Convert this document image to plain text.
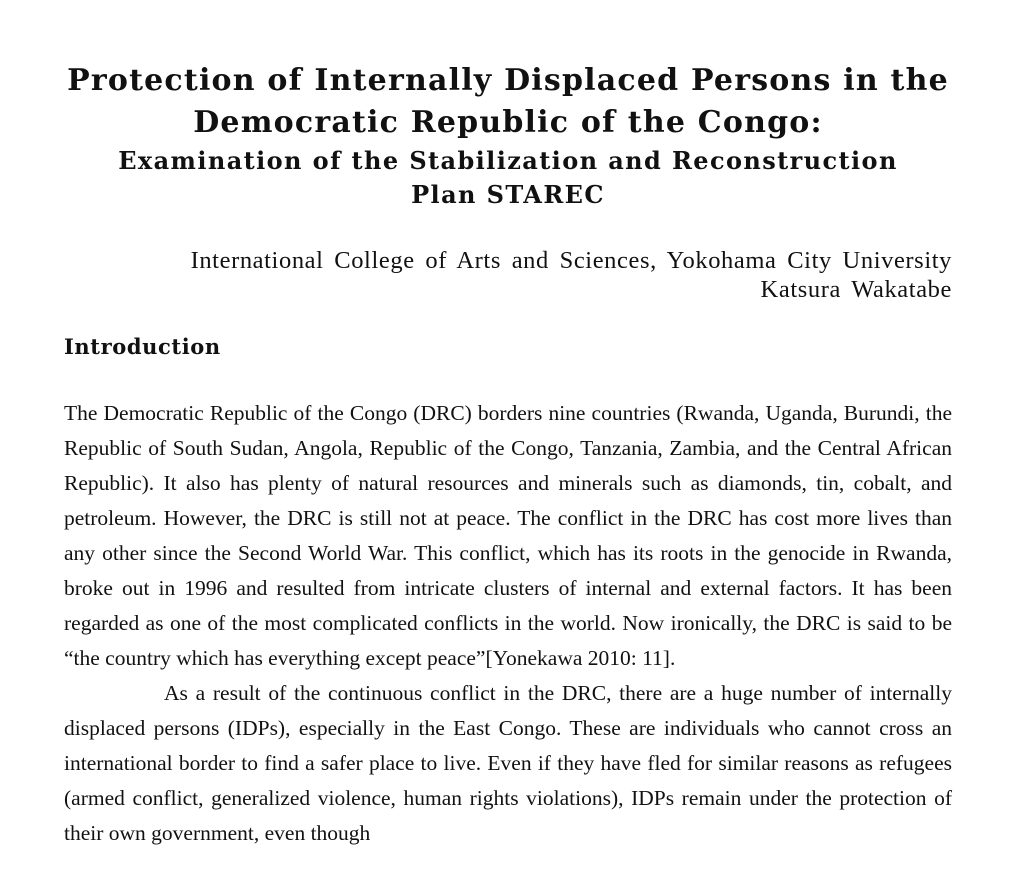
Protection of Internally Displaced Persons in the
Democratic Republic of the Congo:
Examination of the Stabilization and Reconstruction
Plan STAREC
International College of Arts and Sciences, Yokohama City University
Katsura Wakatabe
Introduction

The Democratic Republic of the Congo (DRC) borders nine countries (Rwanda, Uganda, Burundi, the Republic of South Sudan, Angola, Republic of the Congo, Tanzania, Zambia, and the Central African Republic). It also has plenty of natural resources and minerals such as diamonds, tin, cobalt, and petroleum. However, the DRC is still not at peace. The conflict in the DRC has cost more lives than any other since the Second World War. This conflict, which has its roots in the genocide in Rwanda, broke out in 1996 and resulted from intricate clusters of internal and external factors. It has been regarded as one of the most complicated conflicts in the world. Now ironically, the DRC is said to be “the country which has everything except peace”[Yonekawa 2010: 11].

As a result of the continuous conflict in the DRC, there are a huge number of internally displaced persons (IDPs), especially in the East Congo. These are individuals who cannot cross an international border to find a safer place to live. Even if they have fled for similar reasons as refugees (armed conflict, generalized violence, human rights violations), IDPs remain under the protection of their own government, even though
